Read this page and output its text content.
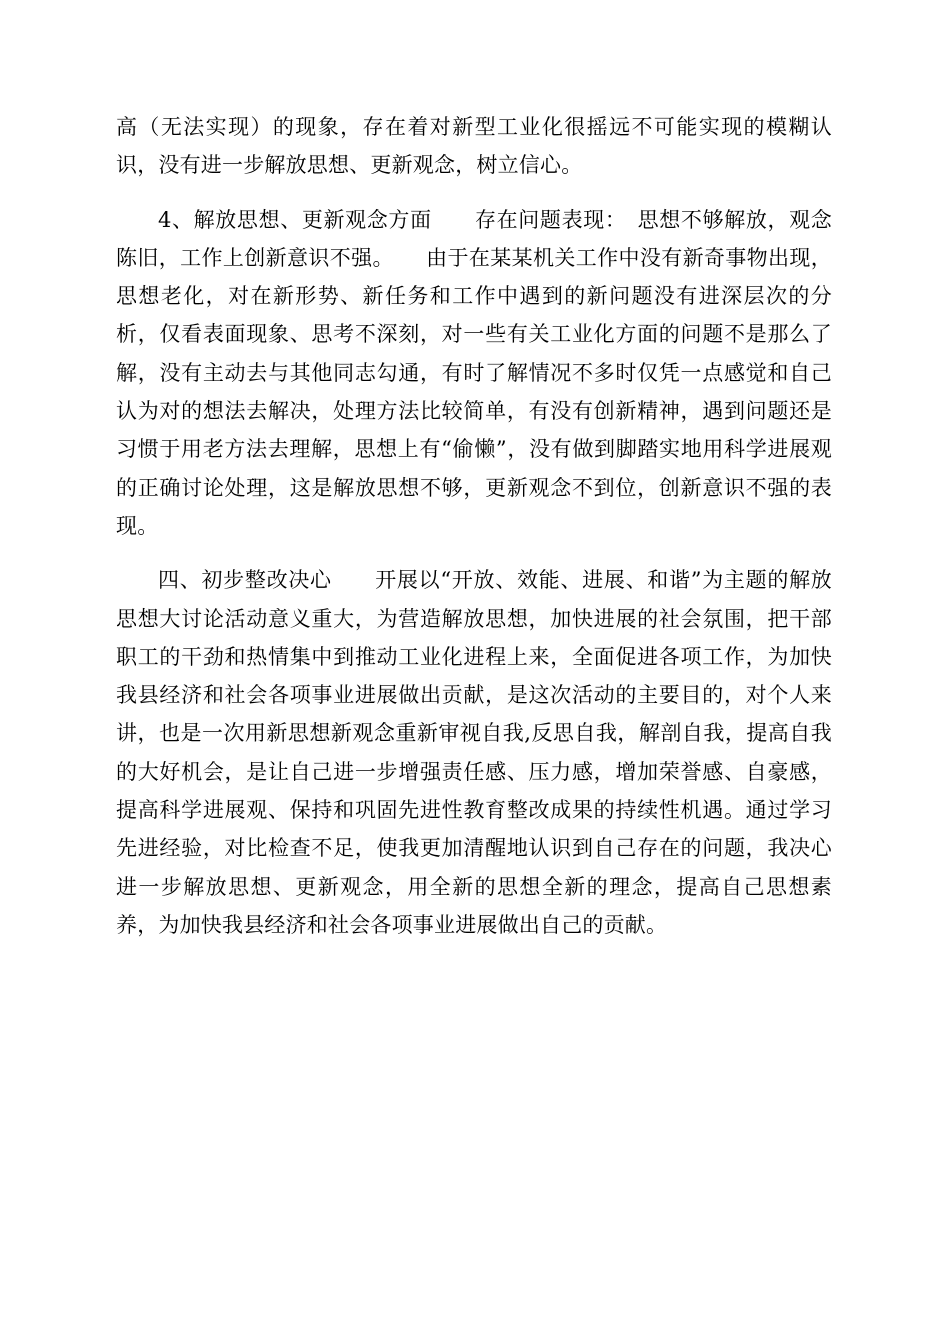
高（无法实现）的现象，存在着对新型工业化很摇远不可能实现的模糊认识，没有进一步解放思想、更新观念，树立信心。

4、解放思想、更新观念方面　　存在问题表现：　思想不够解放，观念陈旧，工作上创新意识不强。　　由于在某某机关工作中没有新奇事物出现，思想老化，对在新形势、新任务和工作中遇到的新问题没有进深层次的分析，仅看表面现象、思考不深刻，对一些有关工业化方面的问题不是那么了解，没有主动去与其他同志勾通，有时了解情况不多时仅凭一点感觉和自己认为对的想法去解决，处理方法比较简单，有没有创新精神，遇到问题还是习惯于用老方法去理解，思想上有“偷懒”，没有做到脚踏实地用科学进展观的正确讨论处理，这是解放思想不够，更新观念不到位，创新意识不强的表现。

四、初步整改决心　　开展以“开放、效能、进展、和谐”为主题的解放思想大讨论活动意义重大，为营造解放思想，加快进展的社会氛围，把干部职工的干劲和热情集中到推动工业化进程上来，全面促进各项工作，为加快我县经济和社会各项事业进展做出贡献，是这次活动的主要目的，对个人来讲，也是一次用新思想新观念重新审视自我,反思自我，解剖自我，提高自我的大好机会，是让自己进一步增强责任感、压力感，增加荣誉感、自豪感，提高科学进展观、保持和巩固先进性教育整改成果的持续性机遇。通过学习先进经验，对比检查不足，使我更加清醒地认识到自己存在的问题，我决心进一步解放思想、更新观念，用全新的思想全新的理念，提高自己思想素养，为加快我县经济和社会各项事业进展做出自己的贡献。
